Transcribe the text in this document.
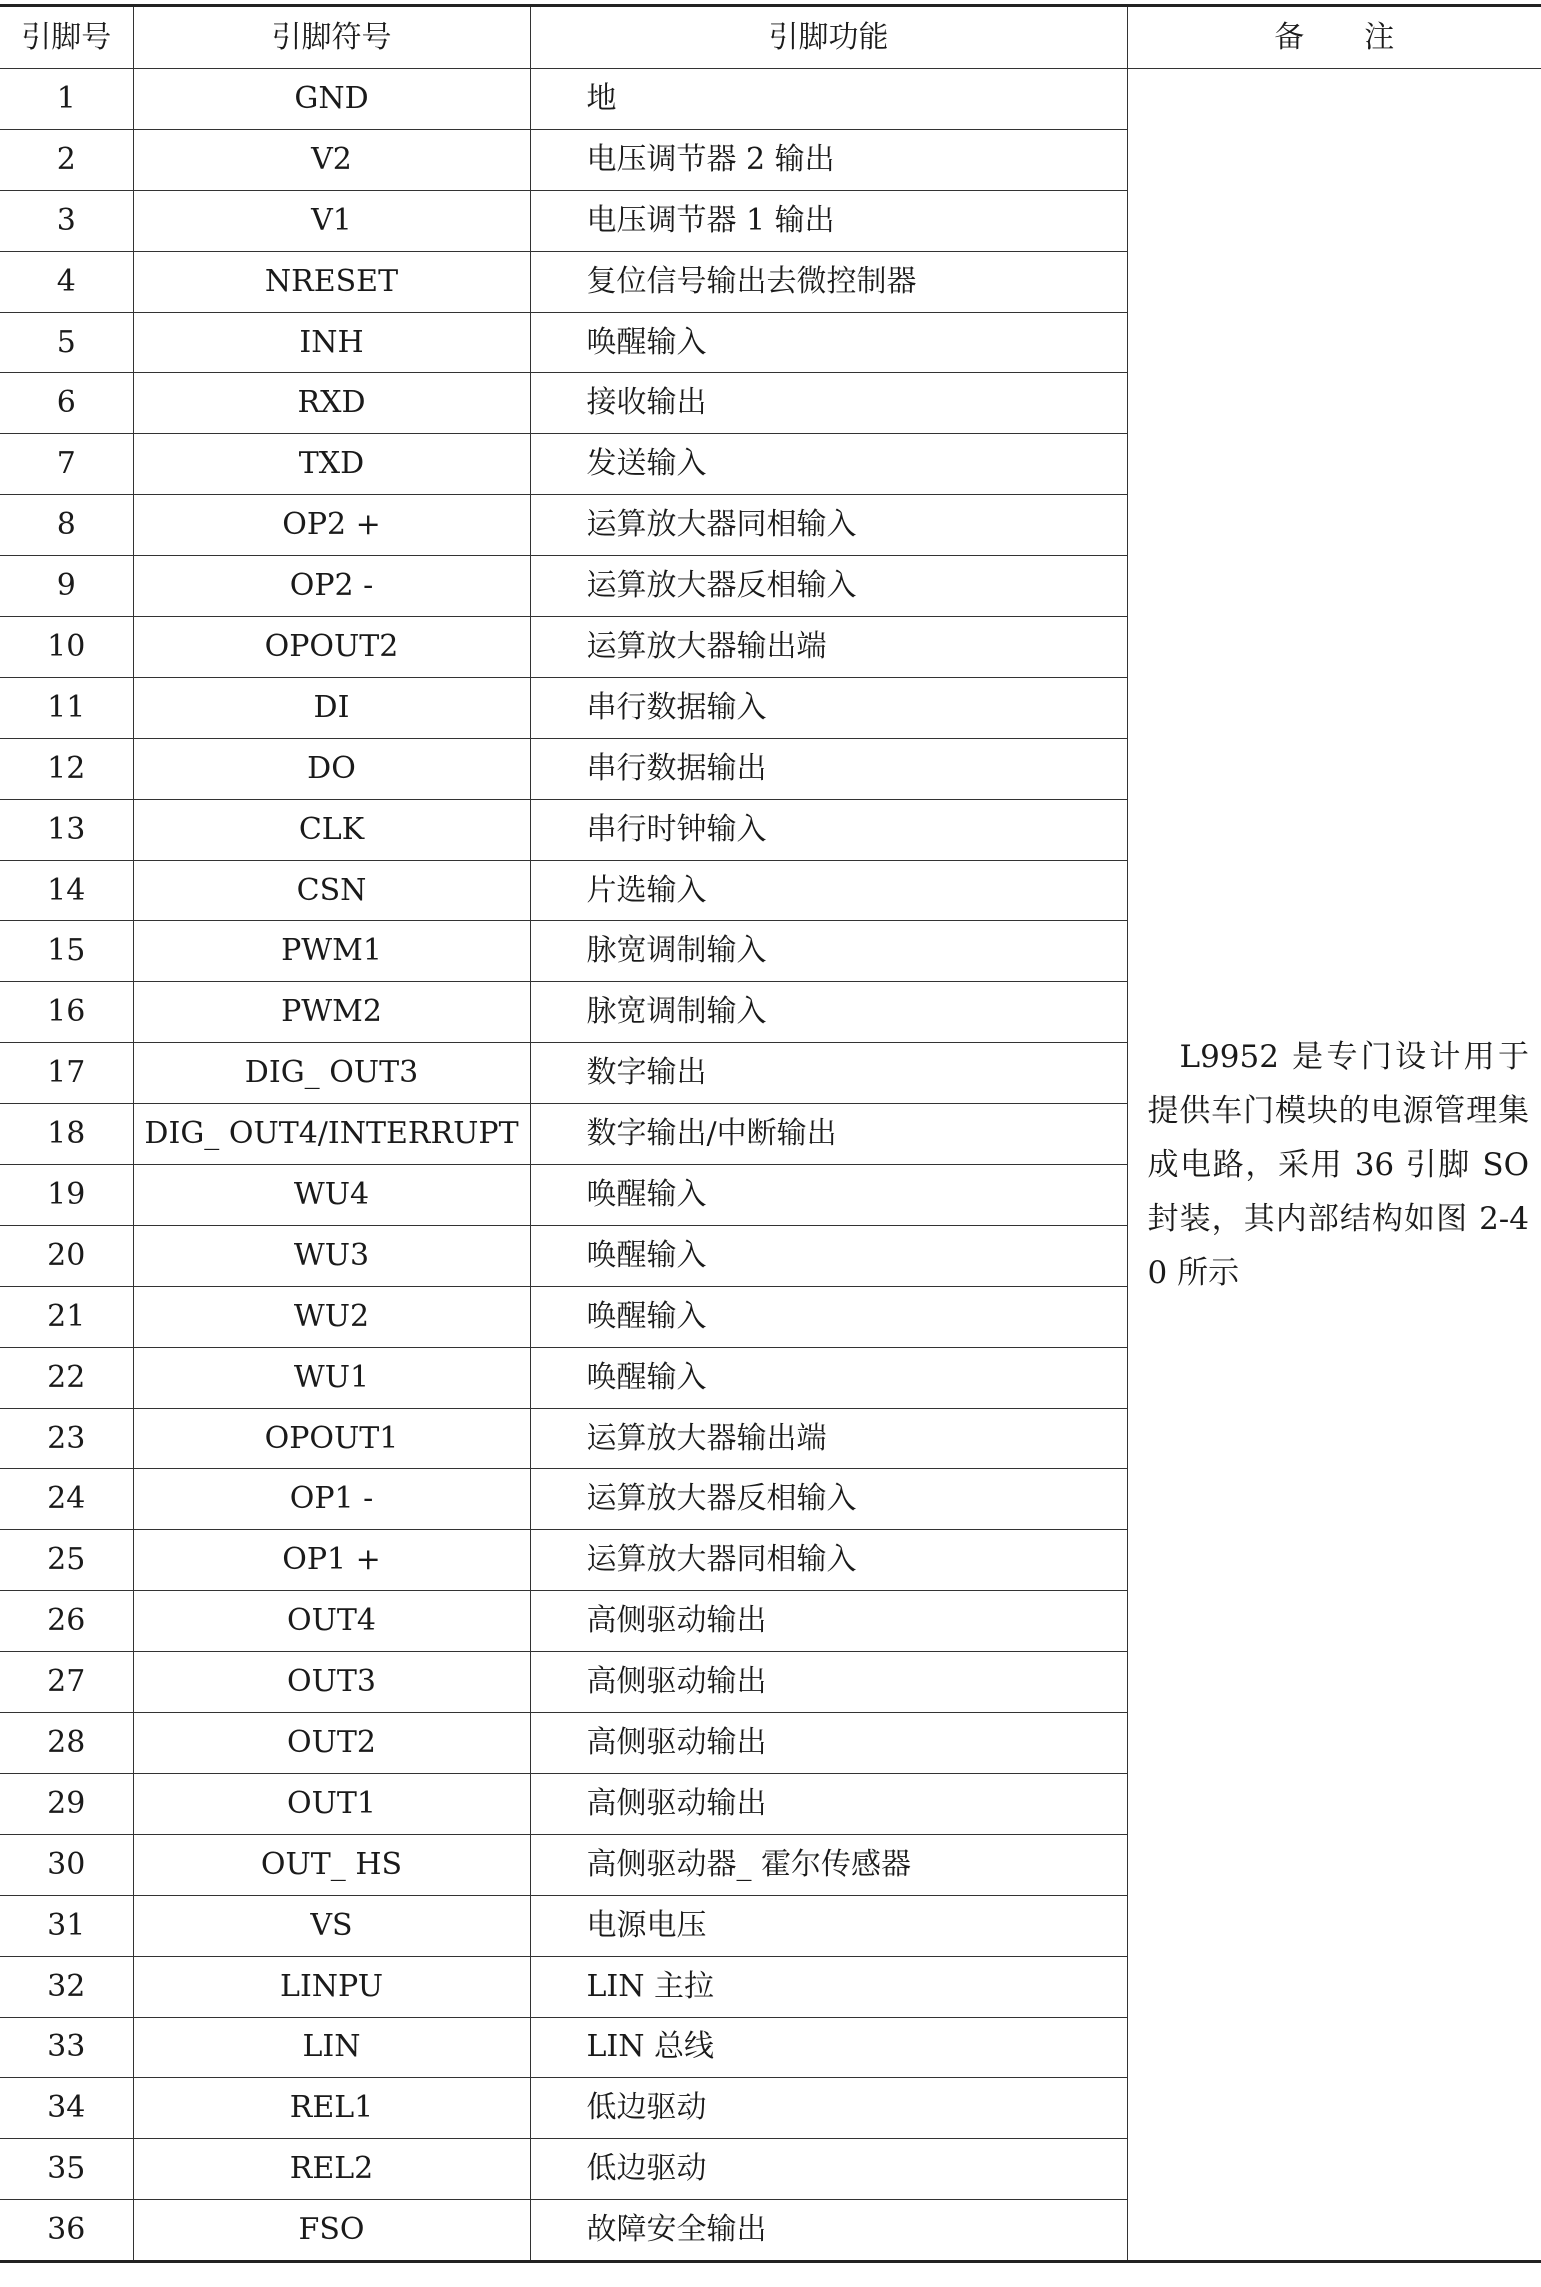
引脚号	引脚符号	引脚功能	备注
1	GND	地	L9952 是专门设计用于提供车门模块的电源管理集成电路，采用 36 引脚 SO 封装，其内部结构如图 2-40 所示
2	V2	电压调节器 2 输出	
3	V1	电压调节器 1 输出	
4	NRESET	复位信号输出去微控制器	
5	INH	唤醒输入	
6	RXD	接收输出	
7	TXD	发送输入	
8	OP2 +	运算放大器同相输入	
9	OP2 -	运算放大器反相输入	
10	OPOUT2	运算放大器输出端	
11	DI	串行数据输入	
12	DO	串行数据输出	
13	CLK	串行时钟输入	
14	CSN	片选输入	
15	PWM1	脉宽调制输入	
16	PWM2	脉宽调制输入	
17	DIG_ OUT3	数字输出	
18	DIG_ OUT4/INTERRUPT	数字输出/中断输出	
19	WU4	唤醒输入	
20	WU3	唤醒输入	
21	WU2	唤醒输入	
22	WU1	唤醒输入	
23	OPOUT1	运算放大器输出端	
24	OP1 -	运算放大器反相输入	
25	OP1 +	运算放大器同相输入	
26	OUT4	高侧驱动输出	
27	OUT3	高侧驱动输出	
28	OUT2	高侧驱动输出	
29	OUT1	高侧驱动输出	
30	OUT_ HS	高侧驱动器_ 霍尔传感器	
31	VS	电源电压	
32	LINPU	LIN 主拉	
33	LIN	LIN 总线	
34	REL1	低边驱动	
35	REL2	低边驱动	
36	FSO	故障安全输出	
